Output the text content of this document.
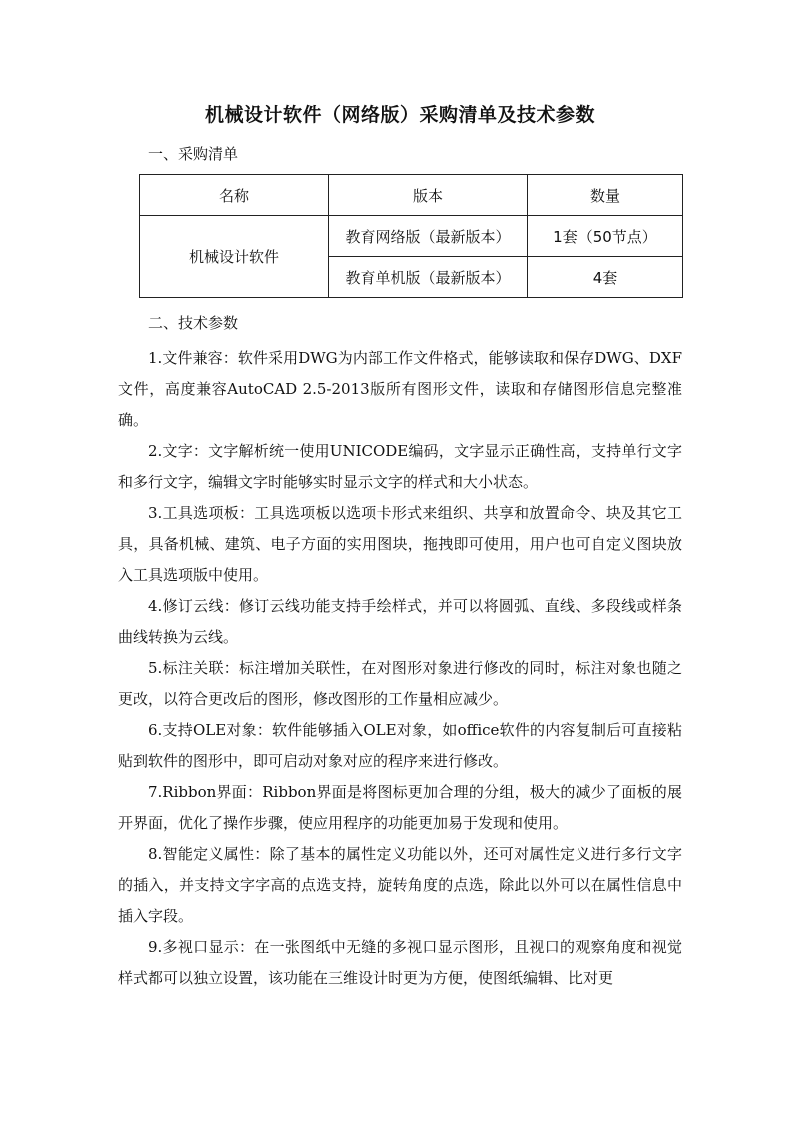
机械设计软件（网络版）采购清单及技术参数
一、采购清单
名称	版本	数量
机械设计软件	教育网络版（最新版本）	1套（50节点）
	教育单机版（最新版本）	4套
二、技术参数

1.文件兼容：软件采用DWG为内部工作文件格式，能够读取和保存DWG、DXF文件，高度兼容AutoCAD 2.5-2013版所有图形文件，读取和存储图形信息完整准确。

2.文字：文字解析统一使用UNICODE编码，文字显示正确性高，支持单行文字和多行文字，编辑文字时能够实时显示文字的样式和大小状态。

3.工具选项板：工具选项板以选项卡形式来组织、共享和放置命令、块及其它工具，具备机械、建筑、电子方面的实用图块，拖拽即可使用，用户也可自定义图块放入工具选项版中使用。

4.修订云线：修订云线功能支持手绘样式，并可以将圆弧、直线、多段线或样条曲线转换为云线。

5.标注关联：标注增加关联性，在对图形对象进行修改的同时，标注对象也随之更改，以符合更改后的图形，修改图形的工作量相应减少。

6.支持OLE对象：软件能够插入OLE对象，如office软件的内容复制后可直接粘贴到软件的图形中，即可启动对象对应的程序来进行修改。

7.Ribbon界面：Ribbon界面是将图标更加合理的分组，极大的减少了面板的展开界面，优化了操作步骤，使应用程序的功能更加易于发现和使用。

8.智能定义属性：除了基本的属性定义功能以外，还可对属性定义进行多行文字的插入，并支持文字字高的点选支持，旋转角度的点选，除此以外可以在属性信息中插入字段。

9.多视口显示：在一张图纸中无缝的多视口显示图形，且视口的观察角度和视觉样式都可以独立设置，该功能在三维设计时更为方便，使图纸编辑、比对更
